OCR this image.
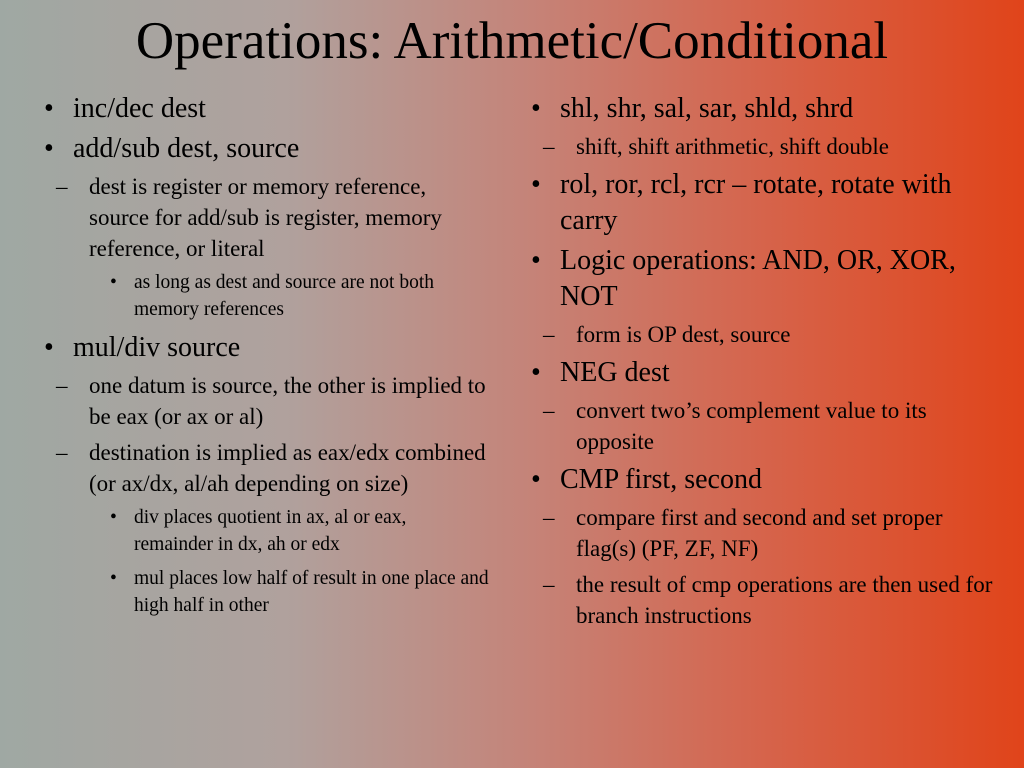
Operations: Arithmetic/Conditional
• inc/dec dest
• add/sub dest, source
– dest is register or memory reference, source for add/sub is register, memory reference, or literal
• as long as dest and source are not both memory references
• mul/div source
– one datum is source, the other is implied to be eax (or ax or al)
– destination is implied as eax/edx combined (or ax/dx, al/ah depending on size)
• div places quotient in ax, al or eax, remainder in dx, ah or edx
• mul places low half of result in one place and high half in other
• shl, shr, sal, sar, shld, shrd
– shift, shift arithmetic, shift double
• rol, ror, rcl, rcr – rotate, rotate with carry
• Logic operations: AND, OR, XOR, NOT
– form is OP dest, source
• NEG dest
– convert two’s complement value to its opposite
• CMP first, second
– compare first and second and set proper flag(s) (PF, ZF, NF)
– the result of cmp operations are then used for branch instructions
